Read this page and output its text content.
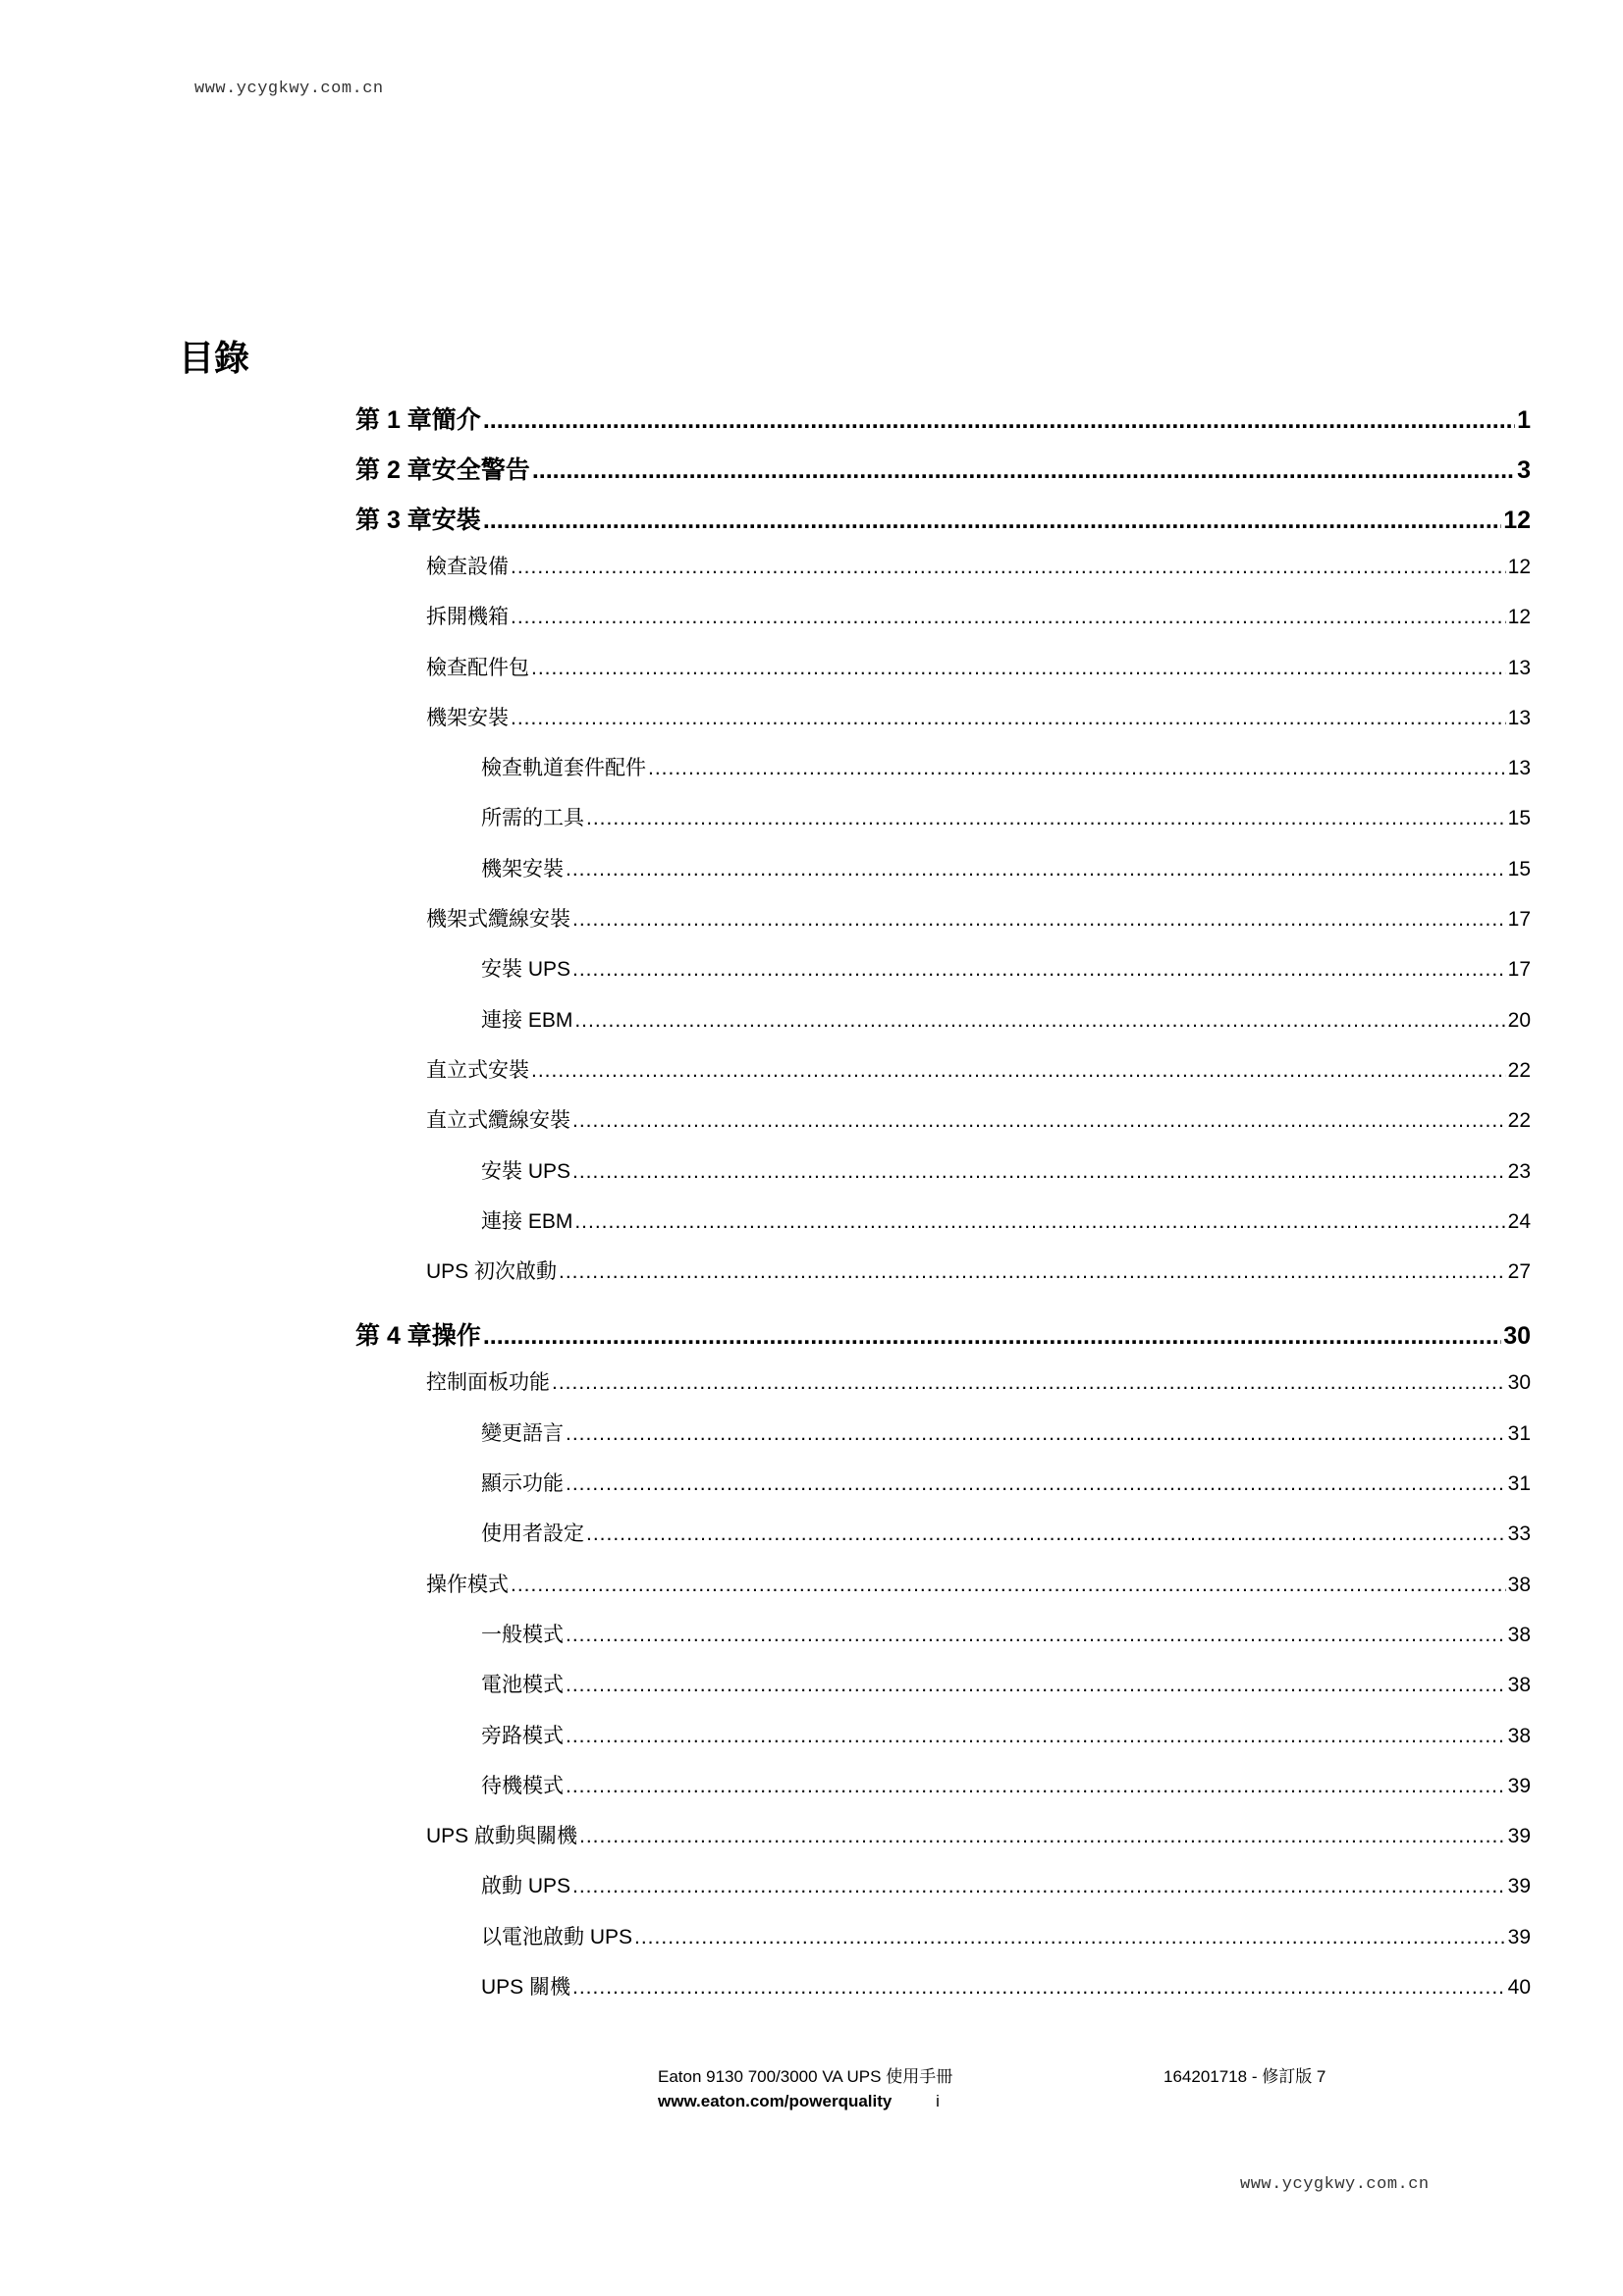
www.ycygkwy.com.cn
目錄
第 1 章 簡介 .....	1
第 2 章 安全警告 .....	3
第 3 章 安裝 .....	12
檢查設備 .....	12
拆開機箱 .....	12
檢查配件包 .....	13
機架安裝 .....	13
檢查軌道套件配件 .....	13
所需的工具 .....	15
機架安裝 .....	15
機架式纜線安裝 .....	17
安裝 UPS .....	17
連接 EBM .....	20
直立式安裝 .....	22
直立式纜線安裝 .....	22
安裝 UPS .....	23
連接 EBM .....	24
UPS 初次啟動 .....	27
第 4 章 操作 .....	30
控制面板功能 .....	30
變更語言 .....	31
顯示功能 .....	31
使用者設定 .....	33
操作模式 .....	38
一般模式 .....	38
電池模式 .....	38
旁路模式 .....	38
待機模式 .....	39
UPS 啟動與關機 .....	39
啟動 UPS .....	39
以電池啟動 UPS .....	39
UPS 關機 .....	40
Eaton 9130 700/3000 VA UPS 使用手冊	164201718 - 修訂版 7
www.eaton.com/powerquality	i
www.ycygkwy.com.cn
